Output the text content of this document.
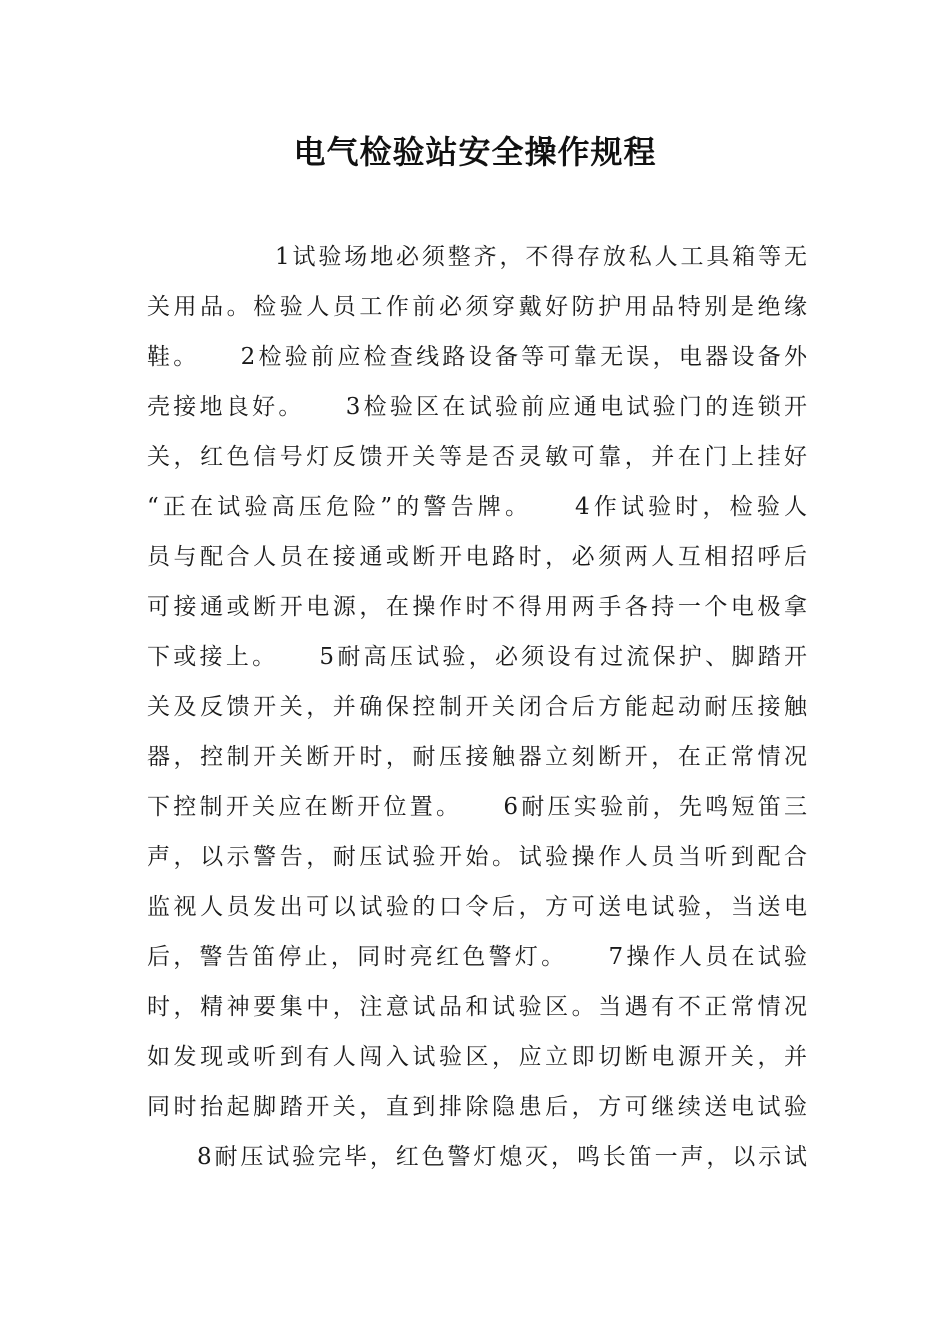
电气检验站安全操作规程
1试验场地必须整齐，不得存放私人工具箱等无
关用品。检验人员工作前必须穿戴好防护用品特别是绝缘
鞋。　　2检验前应检查线路设备等可靠无误，电器设备外
壳接地良好。　　3检验区在试验前应通电试验门的连锁开
关，红色信号灯反馈开关等是否灵敏可靠，并在门上挂好
“正在试验高压危险”的警告牌。　　4作试验时，检验人
员与配合人员在接通或断开电路时，必须两人互相招呼后
可接通或断开电源，在操作时不得用两手各持一个电极拿
下或接上。　　5耐高压试验，必须设有过流保护、脚踏开
关及反馈开关，并确保控制开关闭合后方能起动耐压接触
器，控制开关断开时，耐压接触器立刻断开，在正常情况
下控制开关应在断开位置。　　6耐压实验前，先鸣短笛三
声，以示警告，耐压试验开始。试验操作人员当听到配合
监视人员发出可以试验的口令后，方可送电试验，当送电
后，警告笛停止，同时亮红色警灯。　　7操作人员在试验
时，精神要集中，注意试品和试验区。当遇有不正常情况
如发现或听到有人闯入试验区，应立即切断电源开关，并
同时抬起脚踏开关，直到排除隐患后，方可继续送电试验
8耐压试验完毕，红色警灯熄灭，鸣长笛一声，以示试
